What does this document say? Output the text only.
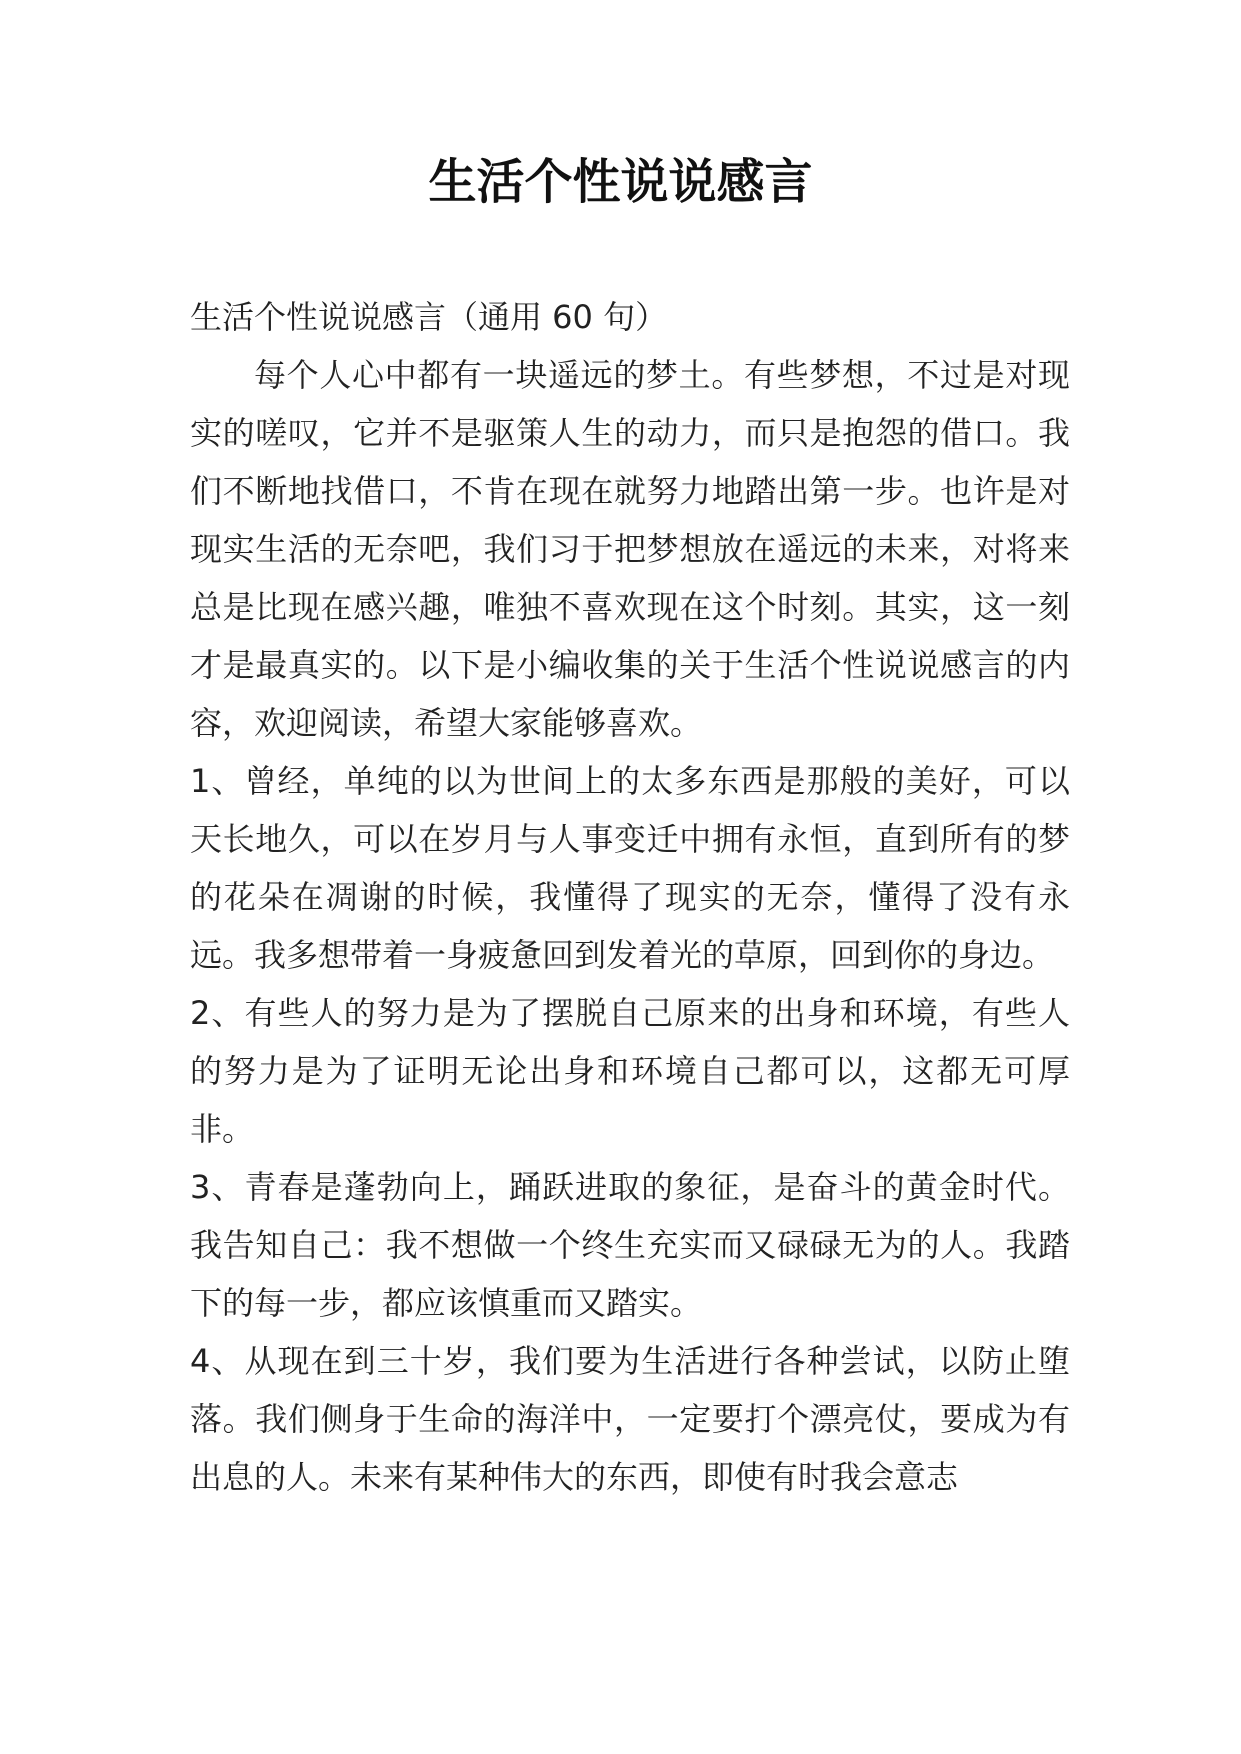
生活个性说说感言

生活个性说说感言（通用 60 句）

每个人心中都有一块遥远的梦土。有些梦想，不过是对现实的嗟叹，它并不是驱策人生的动力，而只是抱怨的借口。我们不断地找借口，不肯在现在就努力地踏出第一步。也许是对现实生活的无奈吧，我们习于把梦想放在遥远的未来，对将来总是比现在感兴趣，唯独不喜欢现在这个时刻。其实，这一刻才是最真实的。以下是小编收集的关于生活个性说说感言的内容，欢迎阅读，希望大家能够喜欢。

1、曾经，单纯的以为世间上的太多东西是那般的美好，可以天长地久，可以在岁月与人事变迁中拥有永恒，直到所有的梦的花朵在凋谢的时候，我懂得了现实的无奈，懂得了没有永远。我多想带着一身疲惫回到发着光的草原，回到你的身边。

2、有些人的努力是为了摆脱自己原来的出身和环境，有些人的努力是为了证明无论出身和环境自己都可以，这都无可厚非。

3、青春是蓬勃向上，踊跃进取的象征，是奋斗的黄金时代。我告知自己：我不想做一个终生充实而又碌碌无为的人。我踏下的每一步，都应该慎重而又踏实。

4、从现在到三十岁，我们要为生活进行各种尝试，以防止堕落。我们侧身于生命的海洋中，一定要打个漂亮仗，要成为有出息的人。未来有某种伟大的东西，即使有时我会意志
